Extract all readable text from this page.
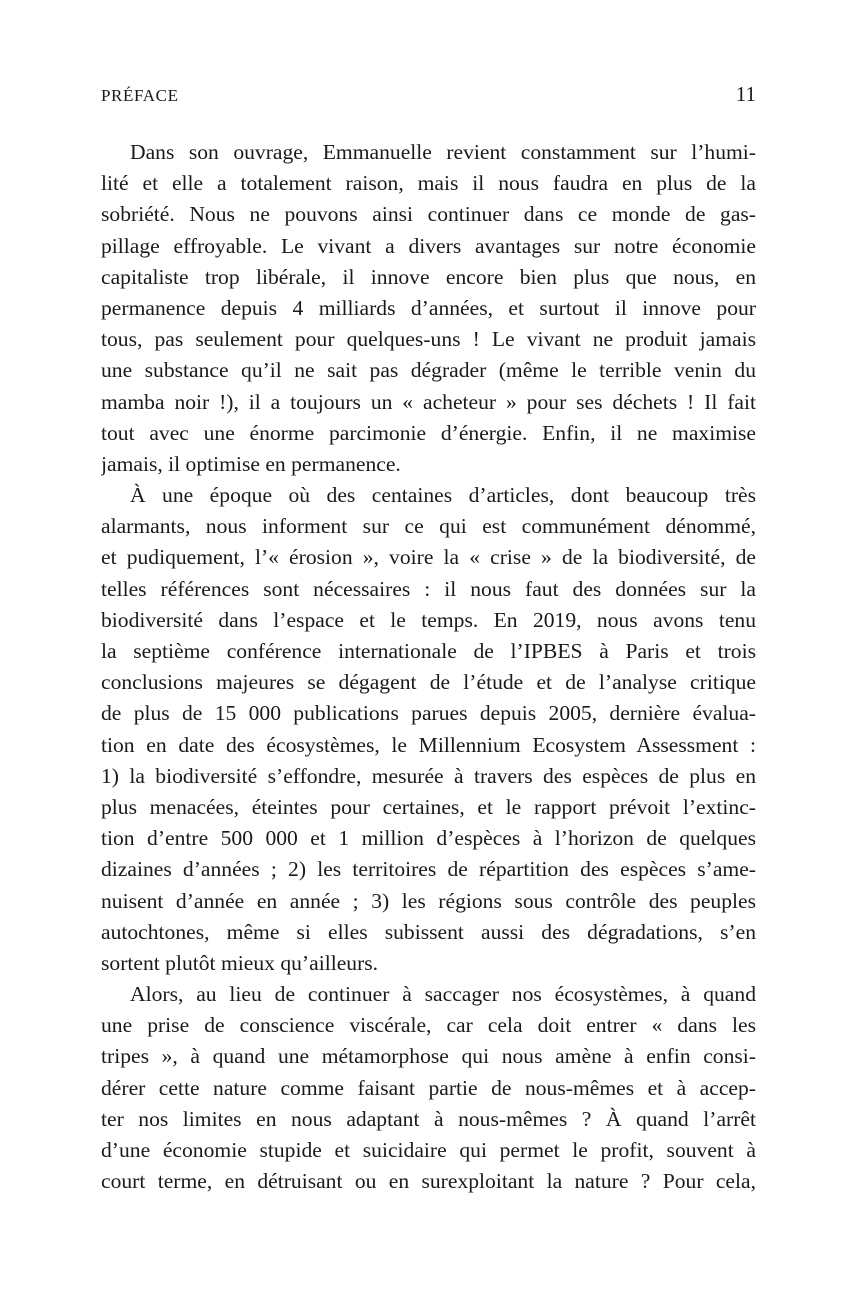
PRÉFACE	11
Dans son ouvrage, Emmanuelle revient constamment sur l’humi-
lité et elle a totalement raison, mais il nous faudra en plus de la
sobriété. Nous ne pouvons ainsi continuer dans ce monde de gas-
pillage effroyable. Le vivant a divers avantages sur notre économie
capitaliste trop libérale, il innove encore bien plus que nous, en
permanence depuis 4 milliards d’années, et surtout il innove pour
tous, pas seulement pour quelques-uns ! Le vivant ne produit jamais
une substance qu’il ne sait pas dégrader (même le terrible venin du
mamba noir !), il a toujours un « acheteur » pour ses déchets ! Il fait
tout avec une énorme parcimonie d’énergie. Enfin, il ne maximise
jamais, il optimise en permanence.
À une époque où des centaines d’articles, dont beaucoup très
alarmants, nous informent sur ce qui est communément dénommé,
et pudiquement, l’« érosion », voire la « crise » de la biodiversité, de
telles références sont nécessaires : il nous faut des données sur la
biodiversité dans l’espace et le temps. En 2019, nous avons tenu
la septième conférence internationale de l’IPBES à Paris et trois
conclusions majeures se dégagent de l’étude et de l’analyse critique
de plus de 15 000 publications parues depuis 2005, dernière évalua-
tion en date des écosystèmes, le Millennium Ecosystem Assessment :
1) la biodiversité s’effondre, mesurée à travers des espèces de plus en
plus menacées, éteintes pour certaines, et le rapport prévoit l’extinc-
tion d’entre 500 000 et 1 million d’espèces à l’horizon de quelques
dizaines d’années ; 2) les territoires de répartition des espèces s’ame-
nuisent d’année en année ; 3) les régions sous contrôle des peuples
autochtones, même si elles subissent aussi des dégradations, s’en
sortent plutôt mieux qu’ailleurs.
Alors, au lieu de continuer à saccager nos écosystèmes, à quand
une prise de conscience viscérale, car cela doit entrer « dans les
tripes », à quand une métamorphose qui nous amène à enfin consi-
dérer cette nature comme faisant partie de nous-mêmes et à accep-
ter nos limites en nous adaptant à nous-mêmes ? À quand l’arrêt
d’une économie stupide et suicidaire qui permet le profit, souvent à
court terme, en détruisant ou en surexploitant la nature ? Pour cela,
